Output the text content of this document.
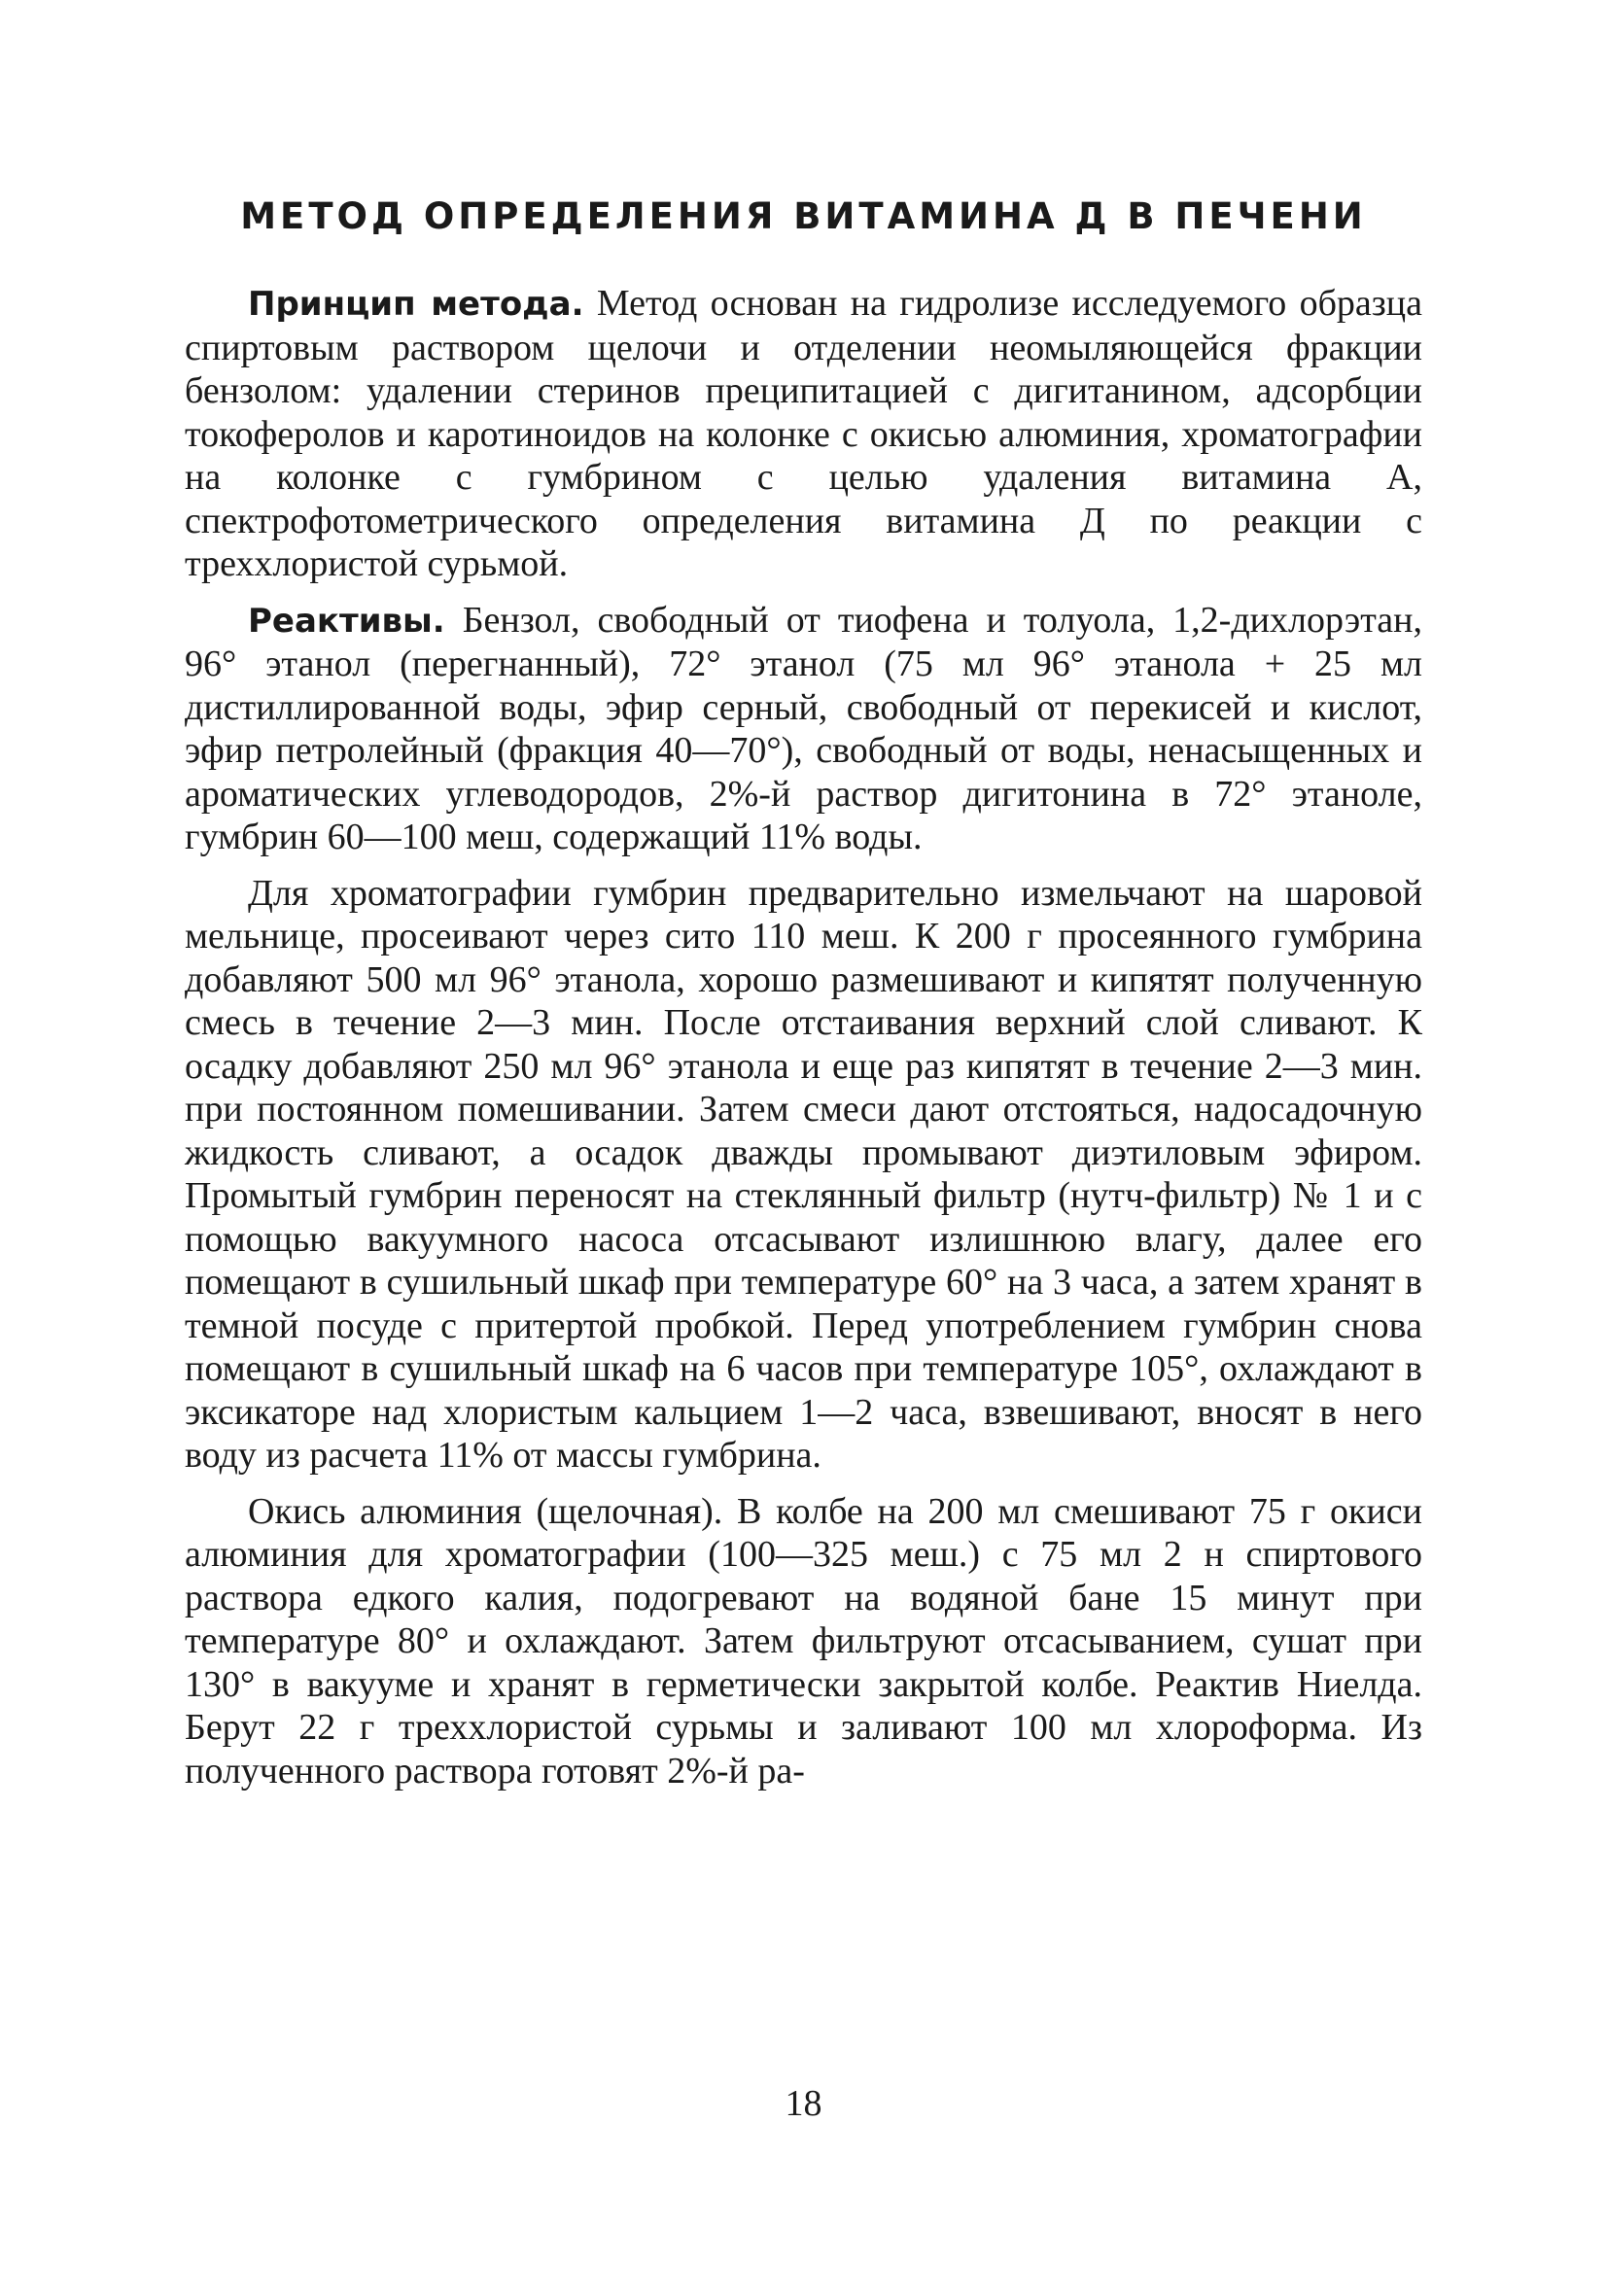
МЕТОД ОПРЕДЕЛЕНИЯ ВИТАМИНА Д В ПЕЧЕНИ

Принцип метода. Метод основан на гидролизе исследуемого образца спиртовым раствором щелочи и отделении неомыляющейся фракции бензолом: удалении стеринов преципитацией с дигитанином, адсорбции токоферолов и каротиноидов на колонке с окисью алюминия, хроматографии на колонке с гумбрином с целью удаления витамина А, спектрофотометрического определения витамина Д по реакции с треххлористой сурьмой.

Реактивы. Бензол, свободный от тиофена и толуола, 1,2-дихлорэтан, 96° этанол (перегнанный), 72° этанол (75 мл 96° этанола + 25 мл дистиллированной воды, эфир серный, свободный от перекисей и кислот, эфир петролейный (фракция 40—70°), свободный от воды, ненасыщенных и ароматических углеводородов, 2%-й раствор дигитонина в 72° этаноле, гумбрин 60—100 меш, содержащий 11% воды.

Для хроматографии гумбрин предварительно измельчают на шаровой мельнице, просеивают через сито 110 меш. К 200 г просеянного гумбрина добавляют 500 мл 96° этанола, хорошо размешивают и кипятят полученную смесь в течение 2—3 мин. После отстаивания верхний слой сливают. К осадку добавляют 250 мл 96° этанола и еще раз кипятят в течение 2—3 мин. при постоянном помешивании. Затем смеси дают отстояться, надосадочную жидкость сливают, а осадок дважды промывают диэтиловым эфиром. Промытый гумбрин переносят на стеклянный фильтр (нутч-фильтр) № 1 и с помощью вакуумного насоса отсасывают излишнюю влагу, далее его помещают в сушильный шкаф при температуре 60° на 3 часа, а затем хранят в темной посуде с притертой пробкой. Перед употреблением гумбрин снова помещают в сушильный шкаф на 6 часов при температуре 105°, охлаждают в эксикаторе над хлористым кальцием 1—2 часа, взвешивают, вносят в него воду из расчета 11% от массы гумбрина.

Окись алюминия (щелочная). В колбе на 200 мл смешивают 75 г окиси алюминия для хроматографии (100—325 меш.) с 75 мл 2 н спиртового раствора едкого калия, подогревают на водяной бане 15 минут при температуре 80° и охлаждают. Затем фильтруют отсасыванием, сушат при 130° в вакууме и хранят в герметически закрытой колбе. Реактив Ниелда. Берут 22 г треххлористой сурьмы и заливают 100 мл хлороформа. Из полученного раствора готовят 2%-й ра-

18
